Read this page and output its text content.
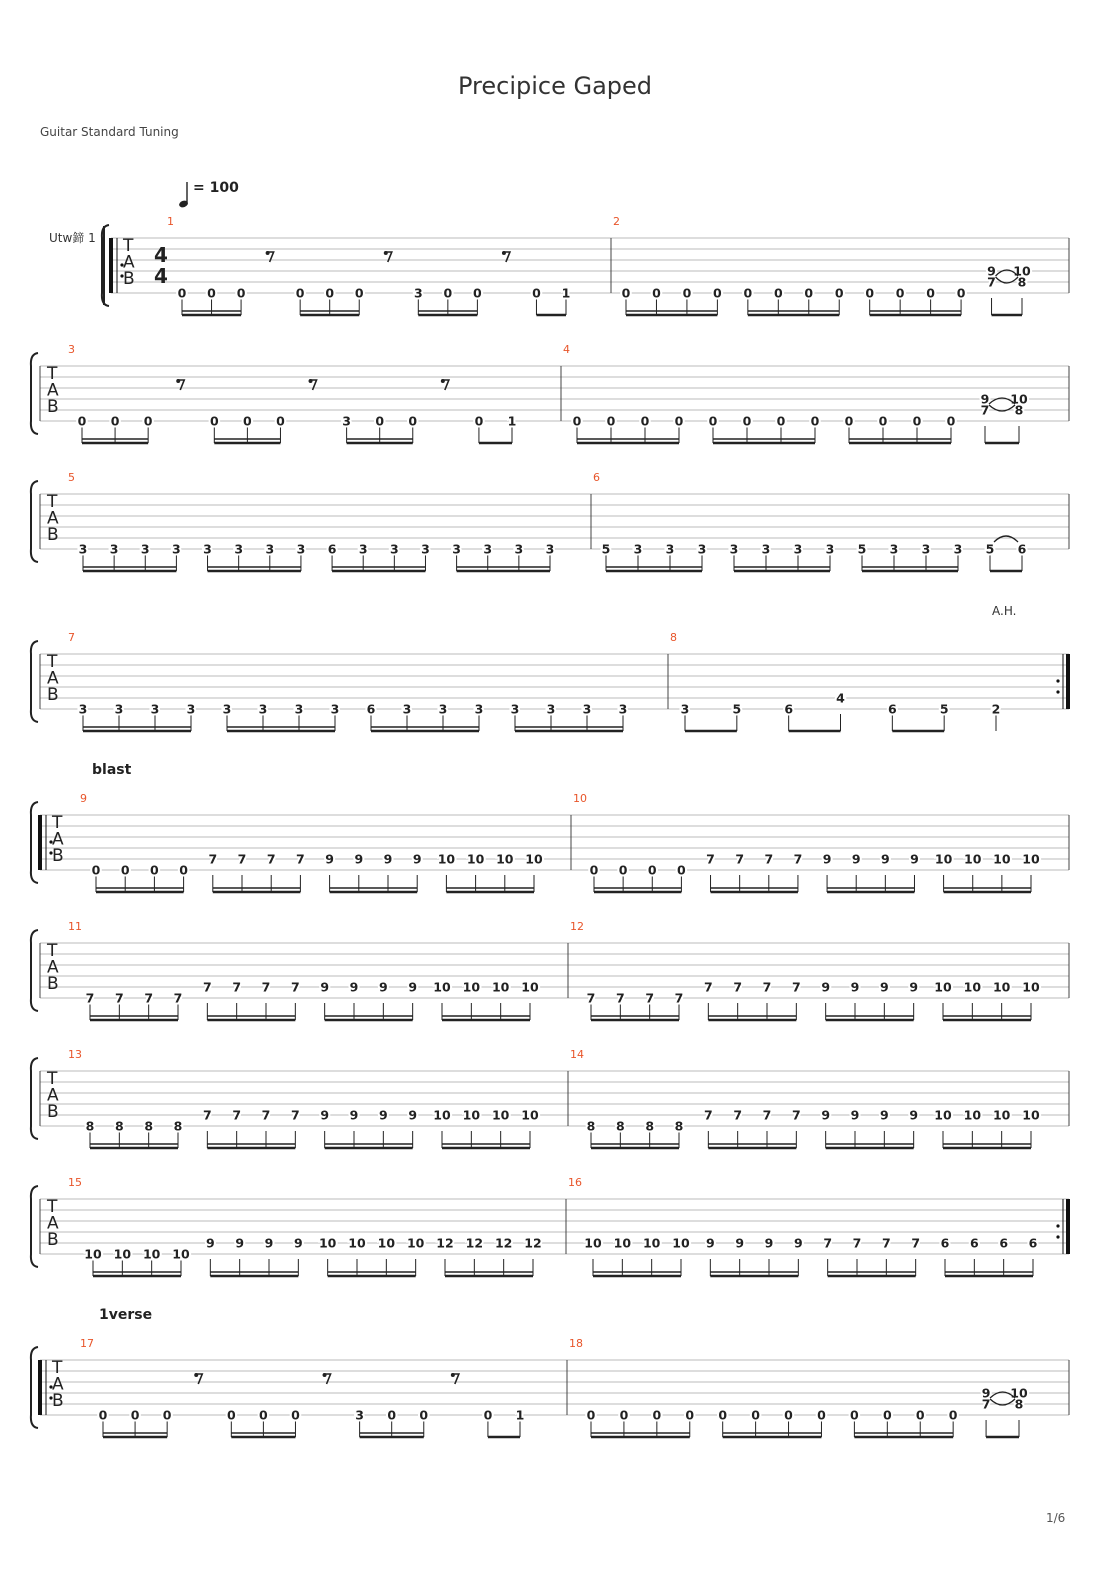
Precipice Gaped
Guitar Standard Tuning
= 100
Utw鍗 1
blast
1verse
A.H.
T
A
B
4
4
1
0 0 0	0 0 0	3 0 0	0 1
2
0 0 0 0 0 0 0 0 0 0 0 0
9
7
10
8
T
A
B
3
0 0 0	0 0 0	3 0 0	0 1
4
0 0 0 0 0 0 0 0 0 0 0 0
9
7
10
8
T
A
B
5
3 3 3 3 3 3 3 3 6 3 3 3 3 3 3 3
6
5 3 3 3 3 3 3 3 5 3 3 3 5 6
T
A
B
7
3 3 3 3 3 3 3 3 6 3 3 3 3 3 3 3
8
3	5	6
4
6	5	2
T
A
B
9
0 0 0 0
7 7 7 7 9 9 9 9 10 10 10 10
10
0 0 0 0
7 7 7 7 9 9 9 9 10 10 10 10
T
A
B
11
7 7 7 7
7 7 7 7 9 9 9 9 10 10 10 10
12
7 7 7 7
7 7 7 7 9 9 9 9 10 10 10 10
T
A
B
13
8 8 8 8
7 7 7 7 9 9 9 9 10 10 10 10
14
8 8 8 8
7 7 7 7 9 9 9 9 10 10 10 10
T
A
B
15
10 10 10 10
9 9 9 9 10 10 10 10 12 12 12 12
16
10 10 10 10 9 9 9 9 7 7 7 7 6 6 6 6
T
A
B
17
0 0 0	0 0 0	3 0 0	0 1
18
0 0 0 0 0 0 0 0 0 0 0 0
9
7
10
8
1/6
